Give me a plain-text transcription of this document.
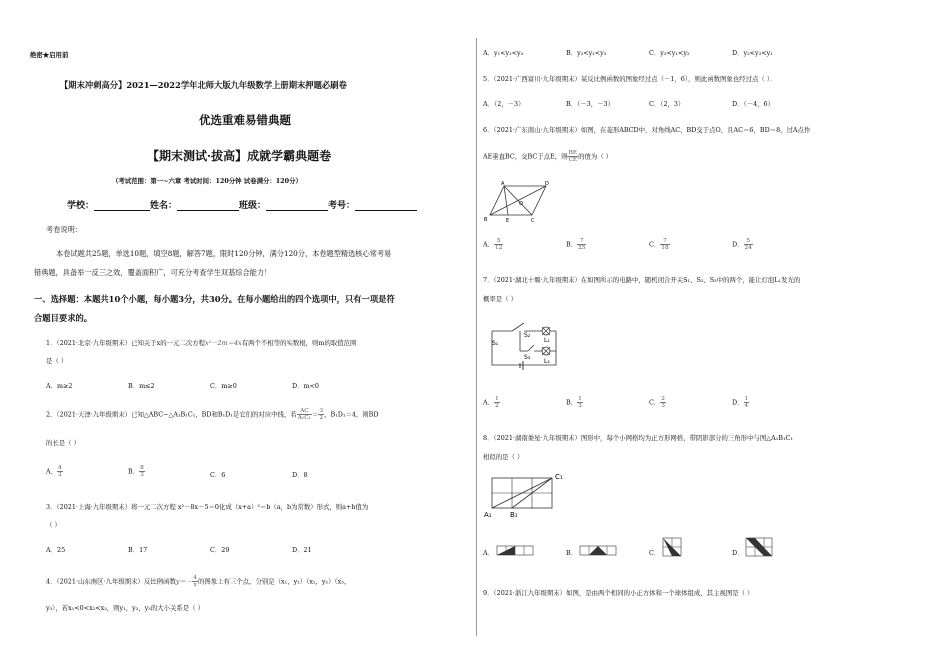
绝密★启用前
【期末冲刺高分】2021—2022学年北师大版九年级数学上册期末押题必刷卷
优选重难易错典题
【期末测试·拔高】成就学霸典题卷
（考试范围：第一~六章 考试时间：120分钟 试卷满分：120分）
学校：	姓名：	班级：	考号：
考卷说明：
本卷试题共25题，单选10题，填空8题，解答7题，限时120分钟，满分120分，本卷题型精选核心常考易
错典题，具备举一反三之效，覆盖面积广，可充分考查学生双基综合能力！
一、选择题：本题共10个小题，每小题3分，共30分。在每小题给出的四个选项中，只有一项是符
合题目要求的。
1．（2021·北京·九年级期末）已知关于x的一元二次方程x²－2m＝4x有两个不相等的实数根，则m的取值范围
是（ ）
A．m≥2	B．m≤2	C．m≥0	D．m<0
2．（2021·天津·九年级期末）已知△ABC∽△A₁B₁C₁，BD和B₁D₁是它们的对应中线，若 $\frac{AC}{\text{A₁C₁}} = \frac{3}{2}$ ，B₁D₁＝4，则BD
的长是（ ）
A． $\frac{4}{3}$	B． $\frac{8}{3}$	C．6	D．8
3．（2021·上海·九年级期末）将一元二次方程 x²－8x－5＝0化成（x+a）²＝b（a，b为常数）形式，则a+b值为
（ ）
A．25	B．17	C．29	D．21
4．（2021·山东南区·九年级期末）反比例函数$y=- \frac{4}{x}$ 的图象上有三个点，分别是（x₁，y₁）（x₂，y₂）（x₃，
y₃），若x₁<0<x₂<x₃，则y₁，y₂，y₃的大小关系是（ ）
A．y₁<y₂<y₃	B．y₂<y₁<y₃	C．y₃<y₁<y₂	D．y₂<y₃<y₁
5．（2021·广西富川·九年级期末）某反比例函数的图象经过点（－1，6），则此函数图象也经过点（ ）．
A．（2，－3）	B．（－3，－3）	C．（2，3）	D．（－4，6）
6．（2021·广东南山·九年级期末）如图，在菱形ABCD中，对角线AC、BD交于点O，且AC＝6，BD＝8，过A点作
AE垂直BC，交BC于点E，则 $\frac{BE}{CE}$ 的值为（ ）
A	D
B	E	C
O
A． $\frac{5}{12}$	B． $\frac{7}{25}$	C． $\frac{7}{18}$	D． $\frac{5}{24}$
7．（2021·湖北十堰·九年级期末）在如图所示的电路中，随机闭合开关S₁、S₂、S₃中的两个，能让灯泡L₁发光的
概率是（ ）
S₁
S₂
S₃
L₁
L₂
A． $\frac{1}{2}$	B． $\frac{1}{3}$	C． $\frac{2}{3}$	D． $\frac{1}{4}$
8．（2021·湖南娄星·九年级期末）图形中，每个小网格均为正方形网格，带阴影部分的三角形中与图△A₁B₁C₁
相似的是（ ）
C₁
A₁	B₁
A．	B．	C．	D．
9．（2021·浙江九年级期末）如图，是由两个相同的小正方体和一个球体组成，其主视图是（ ）
